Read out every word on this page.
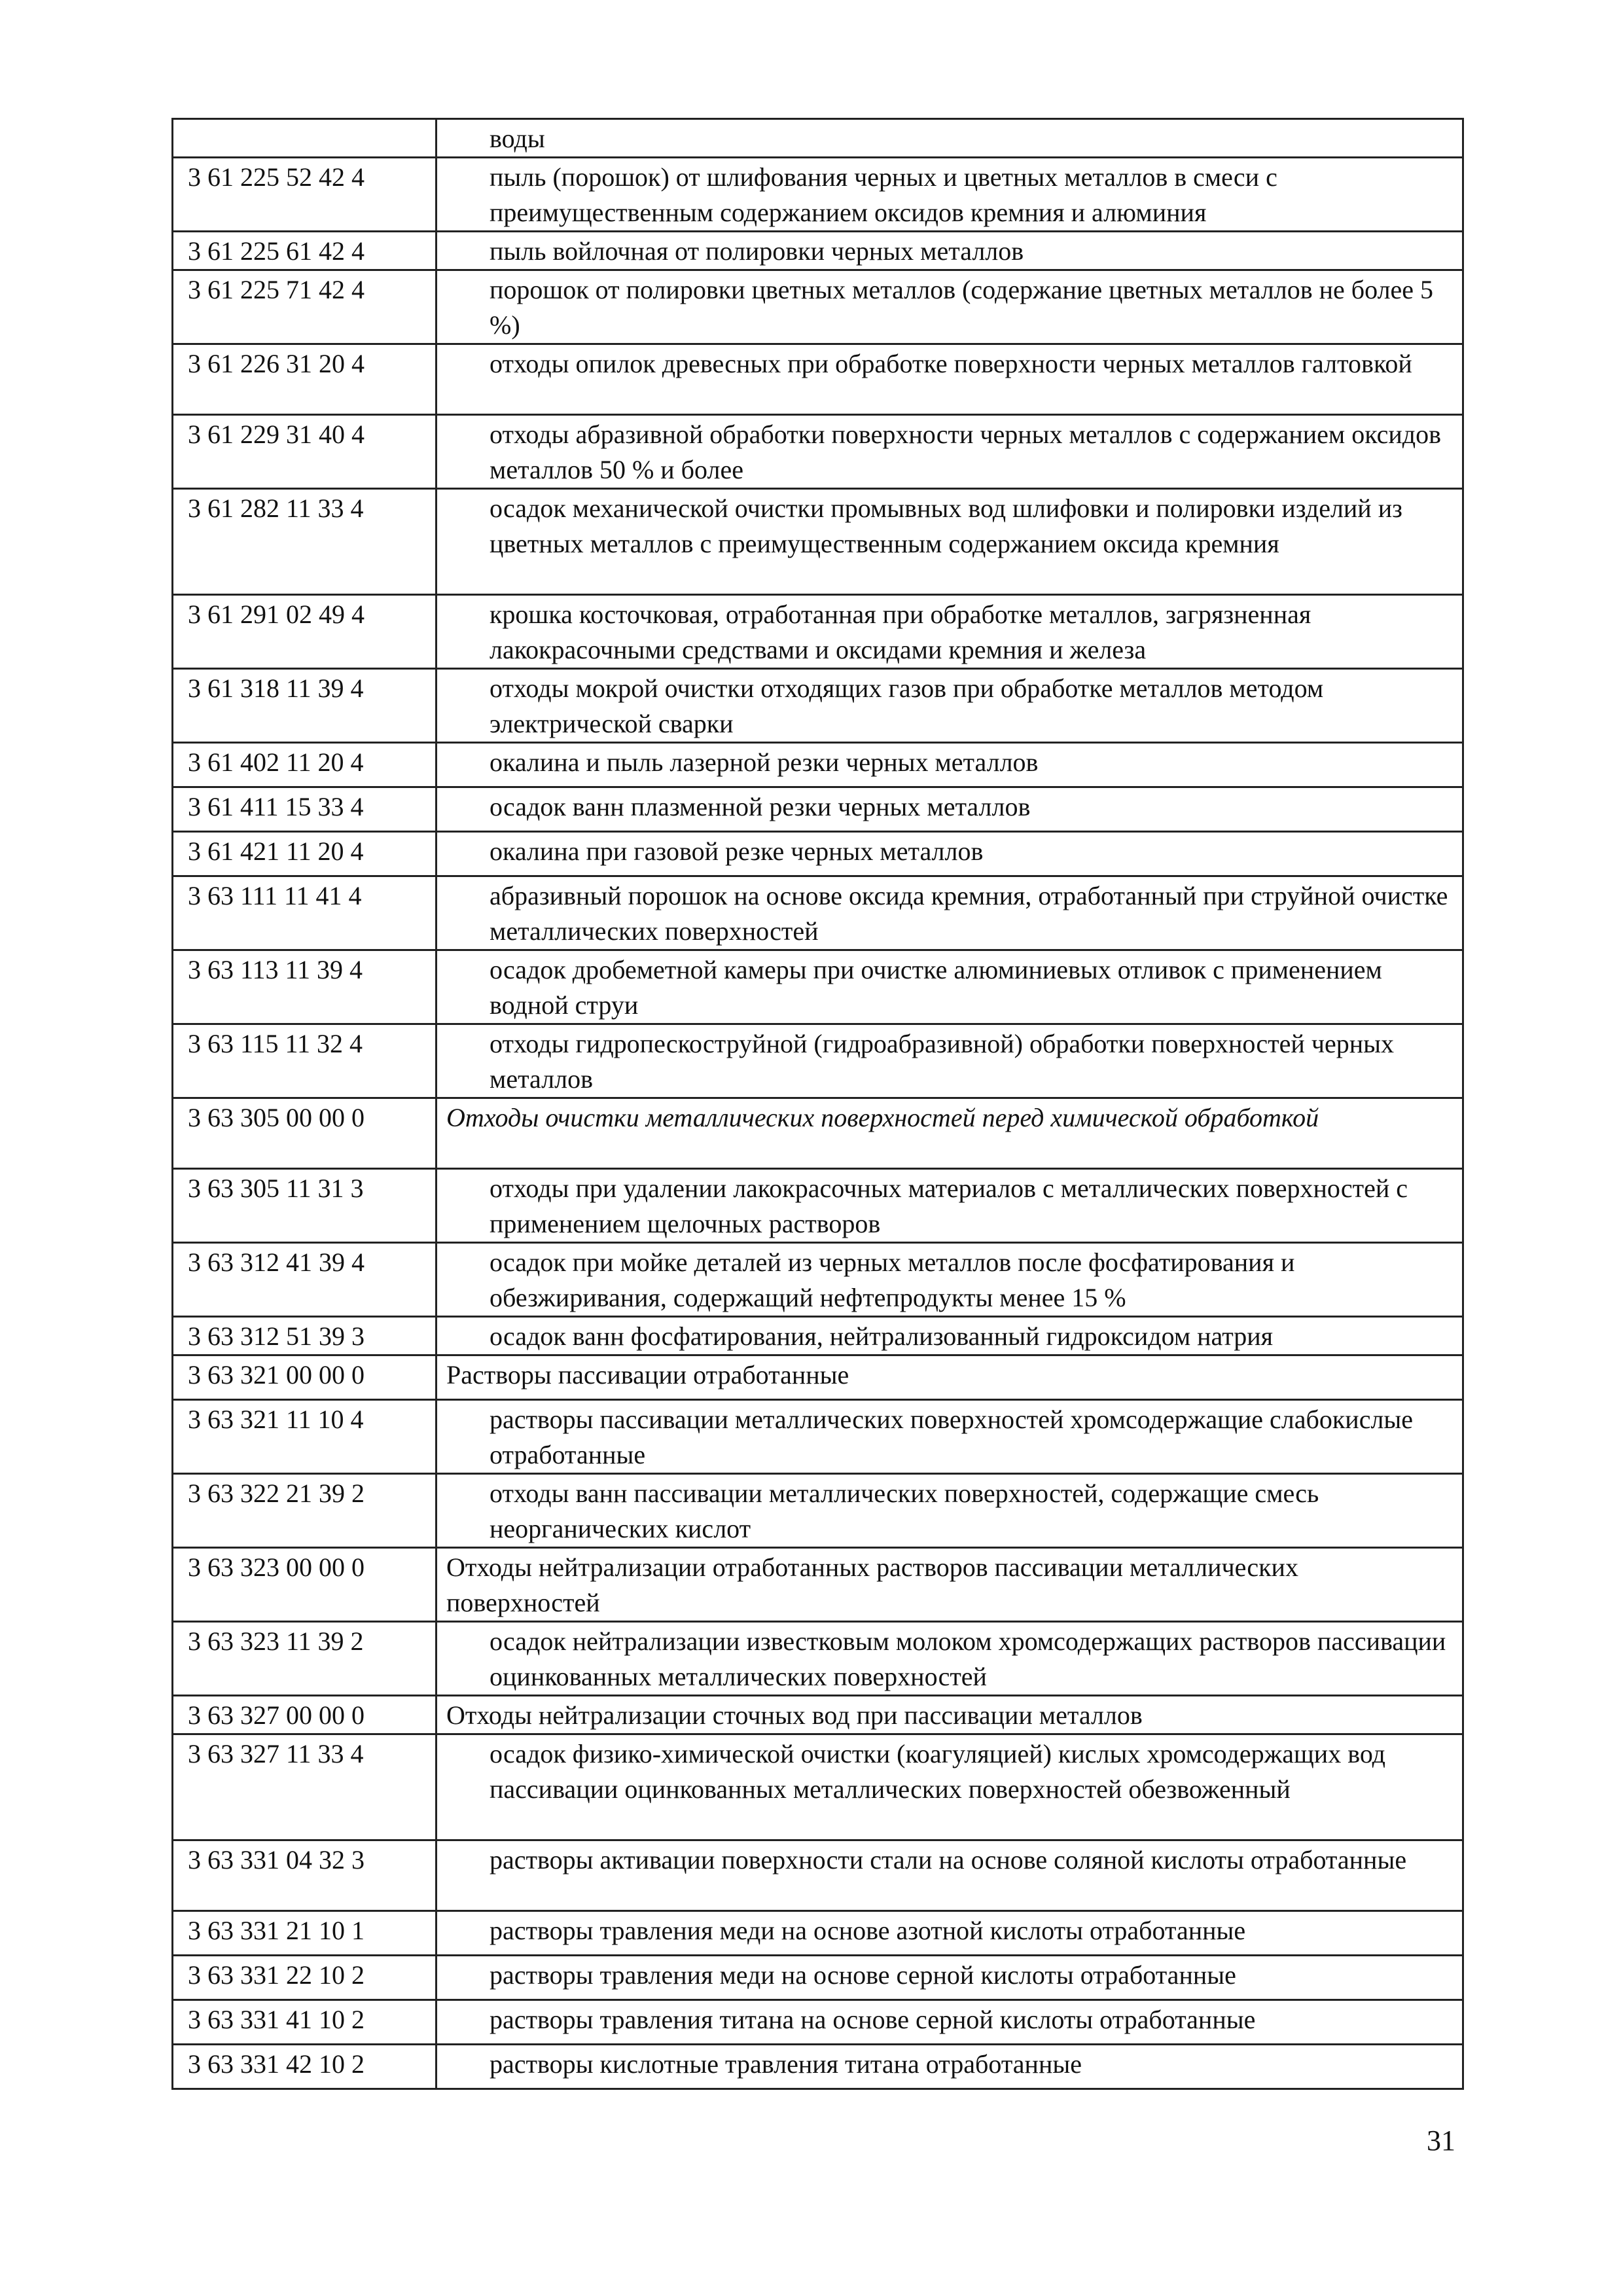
	воды
3 61 225 52 42 4	пыль (порошок) от шлифования черных и цветных металлов в смеси с преимущественным содержанием оксидов кремния и алюминия
3 61 225 61 42 4	пыль войлочная от полировки черных металлов
3 61 225 71 42 4	порошок от полировки цветных металлов (содержание цветных металлов не более 5 %)
3 61 226 31 20 4	отходы опилок древесных при обработке поверхности черных металлов галтовкой
3 61 229 31 40 4	отходы абразивной обработки поверхности черных металлов с содержанием оксидов металлов 50 % и более
3 61 282 11 33 4	осадок механической очистки промывных вод шлифовки и полировки изделий из цветных металлов с преимущественным содержанием оксида кремния
3 61 291 02 49 4	крошка косточковая, отработанная при обработке металлов, загрязненная лакокрасочными средствами и оксидами кремния и железа
3 61 318 11 39 4	отходы мокрой очистки отходящих газов при обработке металлов методом электрической сварки
3 61 402 11 20 4	окалина и пыль лазерной резки черных металлов
3 61 411 15 33 4	осадок ванн плазменной резки черных металлов
3 61 421 11 20 4	окалина при газовой резке черных металлов
3 63 111 11 41 4	абразивный порошок на основе оксида кремния, отработанный при струйной очистке металлических поверхностей
3 63 113 11 39 4	осадок дробеметной камеры при очистке алюминиевых отливок с применением водной струи
3 63 115 11 32 4	отходы гидропескоструйной (гидроабразивной) обработки поверхностей черных металлов
3 63 305 00 00 0	Отходы очистки металлических поверхностей перед химической обработкой
3 63 305 11 31 3	отходы при удалении лакокрасочных материалов с металлических поверхностей с применением щелочных растворов
3 63 312 41 39 4	осадок при мойке деталей из черных металлов после фосфатирования и обезжиривания, содержащий нефтепродукты менее 15 %
3 63 312 51 39 3	осадок ванн фосфатирования, нейтрализованный гидроксидом натрия
3 63 321 00 00 0	Растворы пассивации отработанные
3 63 321 11 10 4	растворы пассивации металлических поверхностей хромсодержащие слабокислые отработанные
3 63 322 21 39 2	отходы ванн пассивации металлических поверхностей, содержащие смесь неорганических кислот
3 63 323 00 00 0	Отходы нейтрализации отработанных растворов пассивации металлических поверхностей
3 63 323 11 39 2	осадок нейтрализации известковым молоком хромсодержащих растворов пассивации оцинкованных металлических поверхностей
3 63 327 00 00 0	Отходы нейтрализации сточных вод при пассивации металлов
3 63 327 11 33 4	осадок физико-химической очистки (коагуляцией) кислых хромсодержащих вод пассивации оцинкованных металлических поверхностей обезвоженный
3 63 331 04 32 3	растворы активации поверхности стали на основе соляной кислоты отработанные
3 63 331 21 10 1	растворы травления меди на основе азотной кислоты отработанные
3 63 331 22 10 2	растворы травления меди на основе серной кислоты отработанные
3 63 331 41 10 2	растворы травления титана на основе серной кислоты отработанные
3 63 331 42 10 2	растворы кислотные травления титана отработанные
31
